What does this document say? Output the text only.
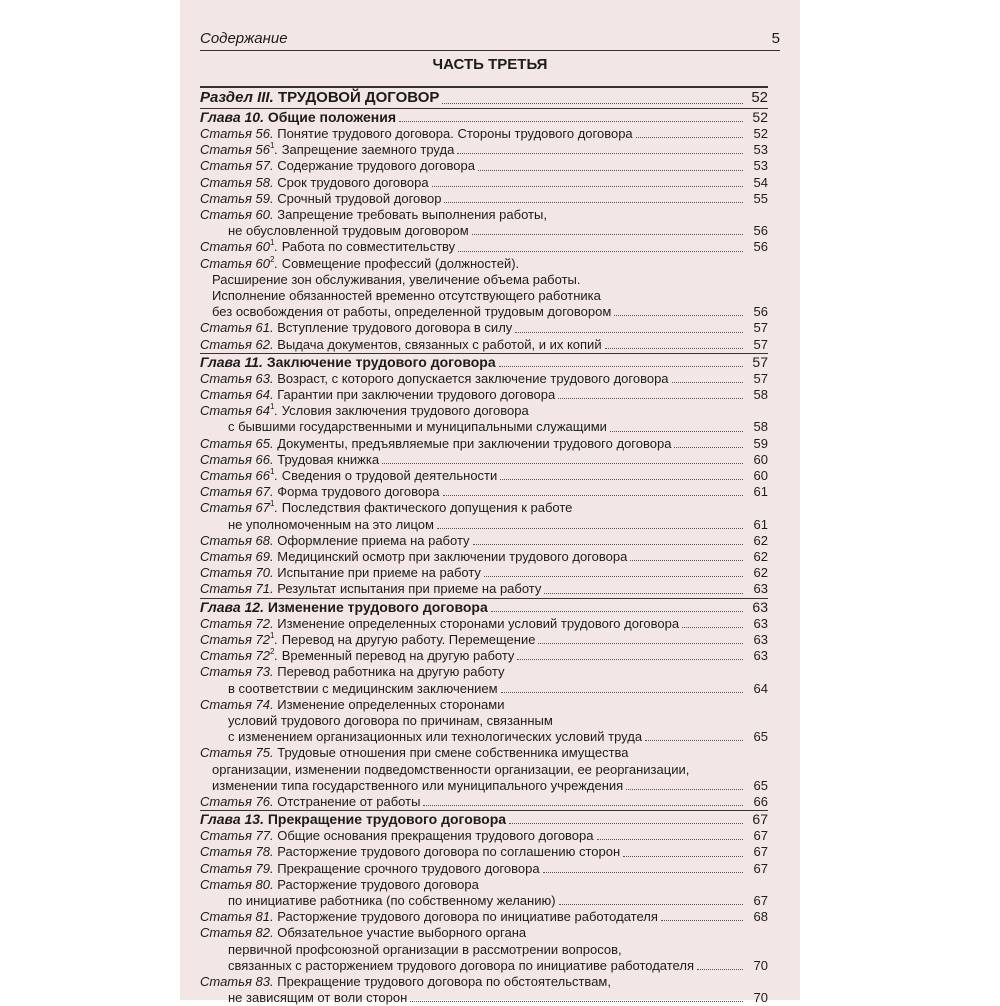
Содержание	5
ЧАСТЬ ТРЕТЬЯ
Раздел III. ТРУДОВОЙ ДОГОВОР	52
Глава 10. Общие положения	52
Статья 56. Понятие трудового договора. Стороны трудового договора	52
Статья $56^1$. Запрещение заемного труда	53
Статья 57. Содержание трудового договора	53
Статья 58. Срок трудового договора	54
Статья 59. Срочный трудовой договор	55
Статья 60. Запрещение требовать выполнения работы,
не обусловленной трудовым договором	56
Статья $60^1$. Работа по совместительству	56
Статья $60^2$. Совмещение профессий (должностей).
Расширение зон обслуживания, увеличение объема работы.
Исполнение обязанностей временно отсутствующего работника
без освобождения от работы, определенной трудовым договором	56
Статья 61. Вступление трудового договора в силу	57
Статья 62. Выдача документов, связанных с работой, и их копий	57
Глава 11. Заключение трудового договора	57
Статья 63. Возраст, с которого допускается заключение трудового договора	57
Статья 64. Гарантии при заключении трудового договора	58
Статья $64^1$. Условия заключения трудового договора
с бывшими государственными и муниципальными служащими	58
Статья 65. Документы, предъявляемые при заключении трудового договора	59
Статья 66. Трудовая книжка	60
Статья $66^1$. Сведения о трудовой деятельности	60
Статья 67. Форма трудового договора	61
Статья $67^1$. Последствия фактического допущения к работе
не уполномоченным на это лицом	61
Статья 68. Оформление приема на работу	62
Статья 69. Медицинский осмотр при заключении трудового договора	62
Статья 70. Испытание при приеме на работу	62
Статья 71. Результат испытания при приеме на работу	63
Глава 12. Изменение трудового договора	63
Статья 72. Изменение определенных сторонами условий трудового договора	63
Статья $72^1$. Перевод на другую работу. Перемещение	63
Статья $72^2$. Временный перевод на другую работу	63
Статья 73. Перевод работника на другую работу
в соответствии с медицинским заключением	64
Статья 74. Изменение определенных сторонами
условий трудового договора по причинам, связанным
с изменением организационных или технологических условий труда	65
Статья 75. Трудовые отношения при смене собственника имущества
организации, изменении подведомственности организации, ее реорганизации,
изменении типа государственного или муниципального учреждения	65
Статья 76. Отстранение от работы	66
Глава 13. Прекращение трудового договора	67
Статья 77. Общие основания прекращения трудового договора	67
Статья 78. Расторжение трудового договора по соглашению сторон	67
Статья 79. Прекращение срочного трудового договора	67
Статья 80. Расторжение трудового договора
по инициативе работника (по собственному желанию)	67
Статья 81. Расторжение трудового договора по инициативе работодателя	68
Статья 82. Обязательное участие выборного органа
первичной профсоюзной организации в рассмотрении вопросов,
связанных с расторжением трудового договора по инициативе работодателя	70
Статья 83. Прекращение трудового договора по обстоятельствам,
не зависящим от воли сторон	70
